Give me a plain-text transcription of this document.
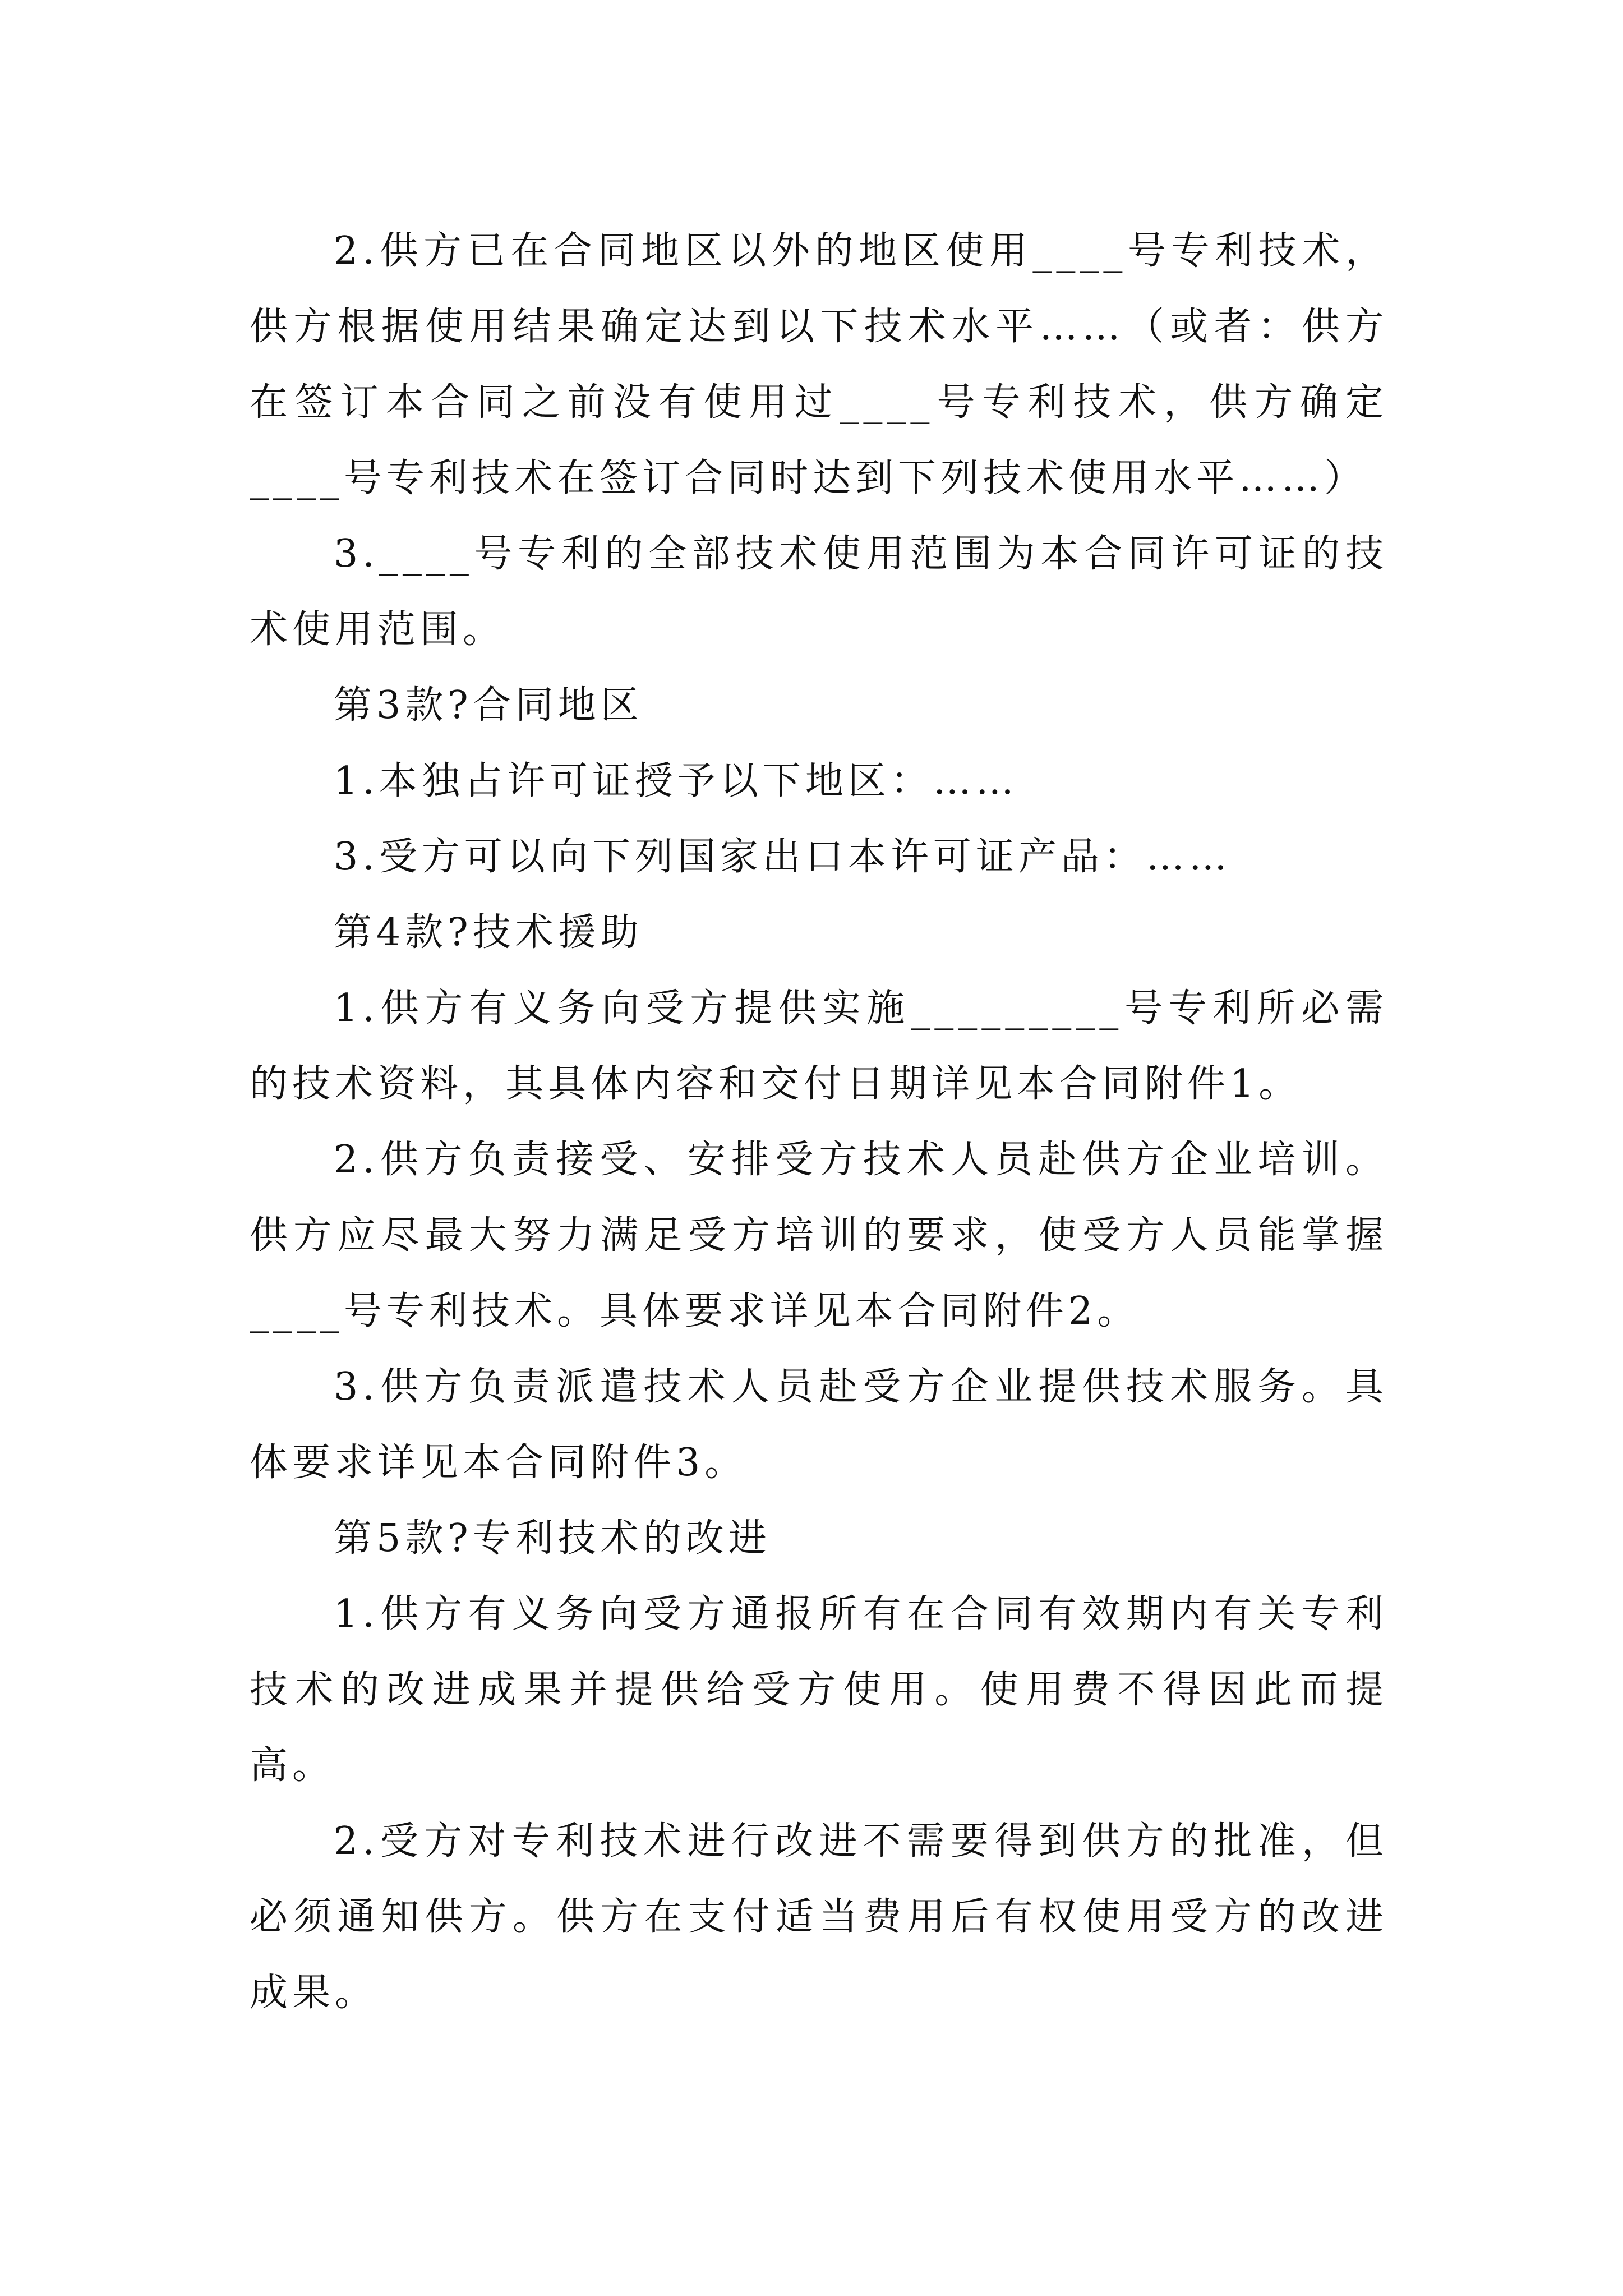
2.供方已在合同地区以外的地区使用____号专利技术，供方根据使用结果确定达到以下技术水平……（或者：供方在签订本合同之前没有使用过____号专利技术，供方确定____号专利技术在签订合同时达到下列技术使用水平……）

3.____号专利的全部技术使用范围为本合同许可证的技术使用范围。

第3款?合同地区

1.本独占许可证授予以下地区：……

3.受方可以向下列国家出口本许可证产品：……

第4款?技术援助

1.供方有义务向受方提供实施_________号专利所必需的技术资料，其具体内容和交付日期详见本合同附件1。

2.供方负责接受、安排受方技术人员赴供方企业培训。供方应尽最大努力满足受方培训的要求，使受方人员能掌握____号专利技术。具体要求详见本合同附件2。

3.供方负责派遣技术人员赴受方企业提供技术服务。具体要求详见本合同附件3。

第5款?专利技术的改进

1.供方有义务向受方通报所有在合同有效期内有关专利技术的改进成果并提供给受方使用。使用费不得因此而提高。

2.受方对专利技术进行改进不需要得到供方的批准，但必须通知供方。供方在支付适当费用后有权使用受方的改进成果。
